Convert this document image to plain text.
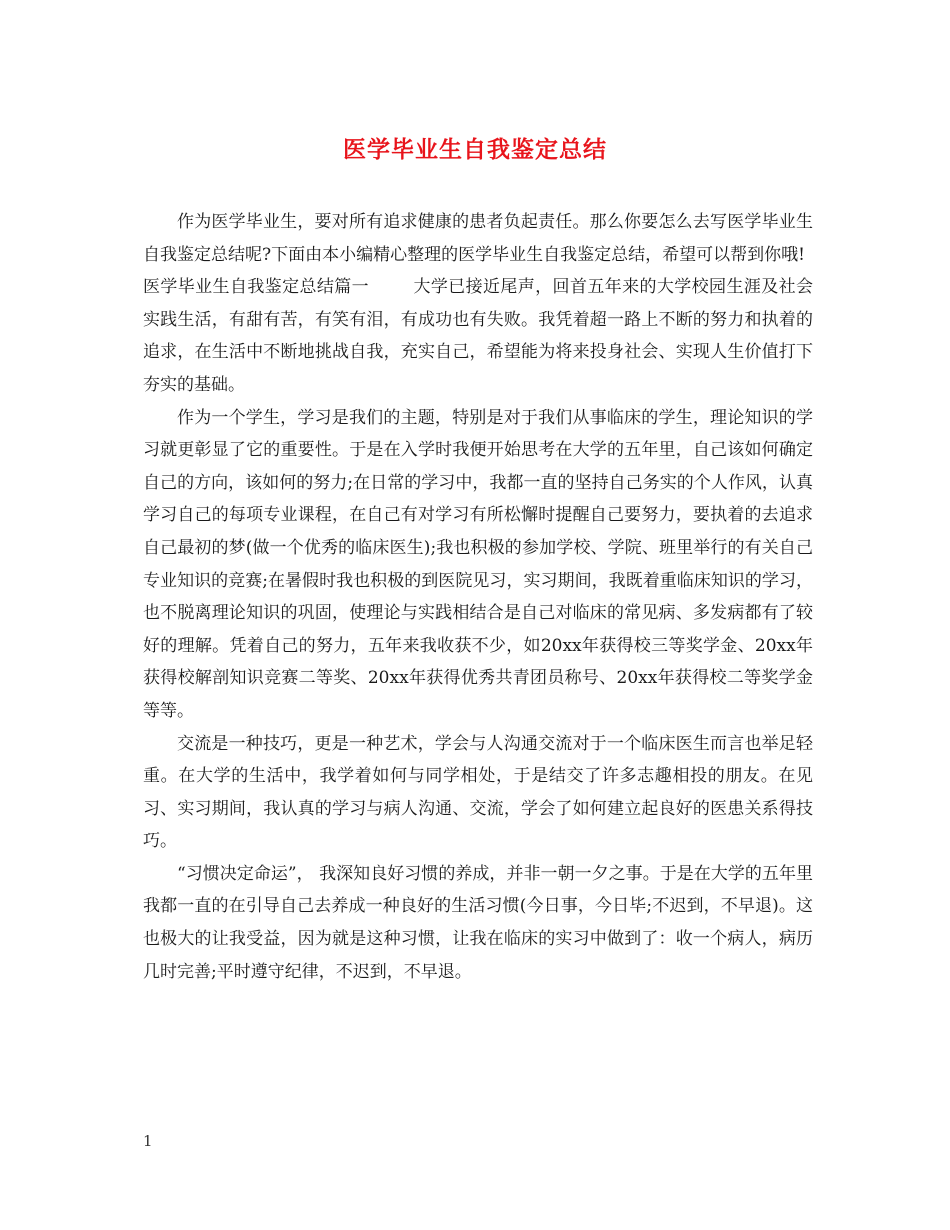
医学毕业生自我鉴定总结

作为医学毕业生，要对所有追求健康的患者负起责任。那么你要怎么去写医学毕业生自我鉴定总结呢?下面由本小编精心整理的医学毕业生自我鉴定总结，希望可以帮到你哦!

医学毕业生自我鉴定总结篇一	大学已接近尾声，回首五年来的大学校园生涯及社会实践生活，有甜有苦，有笑有泪，有成功也有失败。我凭着超一路上不断的努力和执着的追求，在生活中不断地挑战自我，充实自己，希望能为将来投身社会、实现人生价值打下夯实的基础。

作为一个学生，学习是我们的主题，特别是对于我们从事临床的学生，理论知识的学习就更彰显了它的重要性。于是在入学时我便开始思考在大学的五年里，自己该如何确定自己的方向，该如何的努力;在日常的学习中，我都一直的坚持自己务实的个人作风，认真学习自己的每项专业课程，在自己有对学习有所松懈时提醒自己要努力，要执着的去追求自己最初的梦(做一个优秀的临床医生);我也积极的参加学校、学院、班里举行的有关自己专业知识的竞赛;在暑假时我也积极的到医院见习，实习期间，我既着重临床知识的学习，也不脱离理论知识的巩固，使理论与实践相结合是自己对临床的常见病、多发病都有了较好的理解。凭着自己的努力，五年来我收获不少，如20xx年获得校三等奖学金、20xx年获得校解剖知识竞赛二等奖、20xx年获得优秀共青团员称号、20xx年获得校二等奖学金等等。

交流是一种技巧，更是一种艺术，学会与人沟通交流对于一个临床医生而言也举足轻重。在大学的生活中，我学着如何与同学相处，于是结交了许多志趣相投的朋友。在见习、实习期间，我认真的学习与病人沟通、交流，学会了如何建立起良好的医患关系得技巧。

“习惯决定命运”， 我深知良好习惯的养成，并非一朝一夕之事。于是在大学的五年里我都一直的在引导自己去养成一种良好的生活习惯(今日事，今日毕;不迟到，不早退)。这也极大的让我受益，因为就是这种习惯，让我在临床的实习中做到了：收一个病人，病历几时完善;平时遵守纪律，不迟到，不早退。

1
